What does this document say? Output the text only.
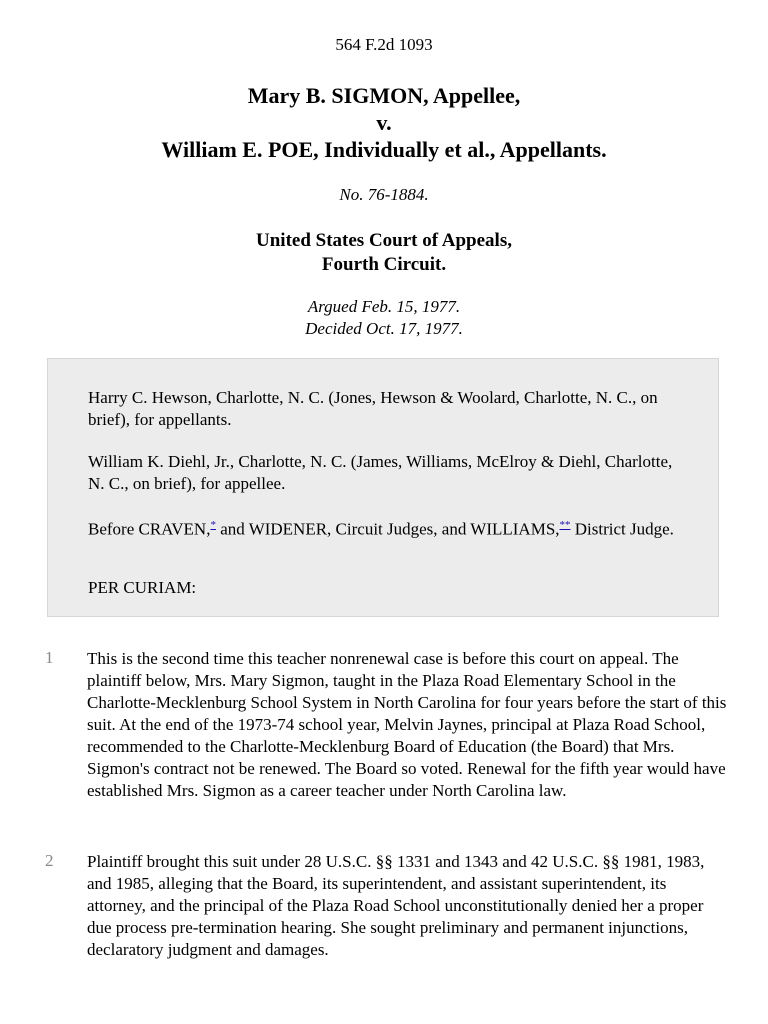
564 F.2d 1093
Mary B. SIGMON, Appellee,
v.
William E. POE, Individually et al., Appellants.
No. 76-1884.
United States Court of Appeals,
Fourth Circuit.
Argued Feb. 15, 1977.
Decided Oct. 17, 1977.

Harry C. Hewson, Charlotte, N. C. (Jones, Hewson & Woolard, Charlotte, N. C., on brief), for appellants.

William K. Diehl, Jr., Charlotte, N. C. (James, Williams, McElroy & Diehl, Charlotte, N. C., on brief), for appellee.

Before CRAVEN,* and WIDENER, Circuit Judges, and WILLIAMS,** District Judge.

PER CURIAM:

1 This is the second time this teacher nonrenewal case is before this court on appeal. The plaintiff below, Mrs. Mary Sigmon, taught in the Plaza Road Elementary School in the Charlotte-Mecklenburg School System in North Carolina for four years before the start of this suit. At the end of the 1973-74 school year, Melvin Jaynes, principal at Plaza Road School, recommended to the Charlotte-Mecklenburg Board of Education (the Board) that Mrs. Sigmon's contract not be renewed. The Board so voted. Renewal for the fifth year would have established Mrs. Sigmon as a career teacher under North Carolina law.

2 Plaintiff brought this suit under 28 U.S.C. §§ 1331 and 1343 and 42 U.S.C. §§ 1981, 1983, and 1985, alleging that the Board, its superintendent, and assistant superintendent, its attorney, and the principal of the Plaza Road School unconstitutionally denied her a proper due process pre-termination hearing. She sought preliminary and permanent injunctions, declaratory judgment and damages.
